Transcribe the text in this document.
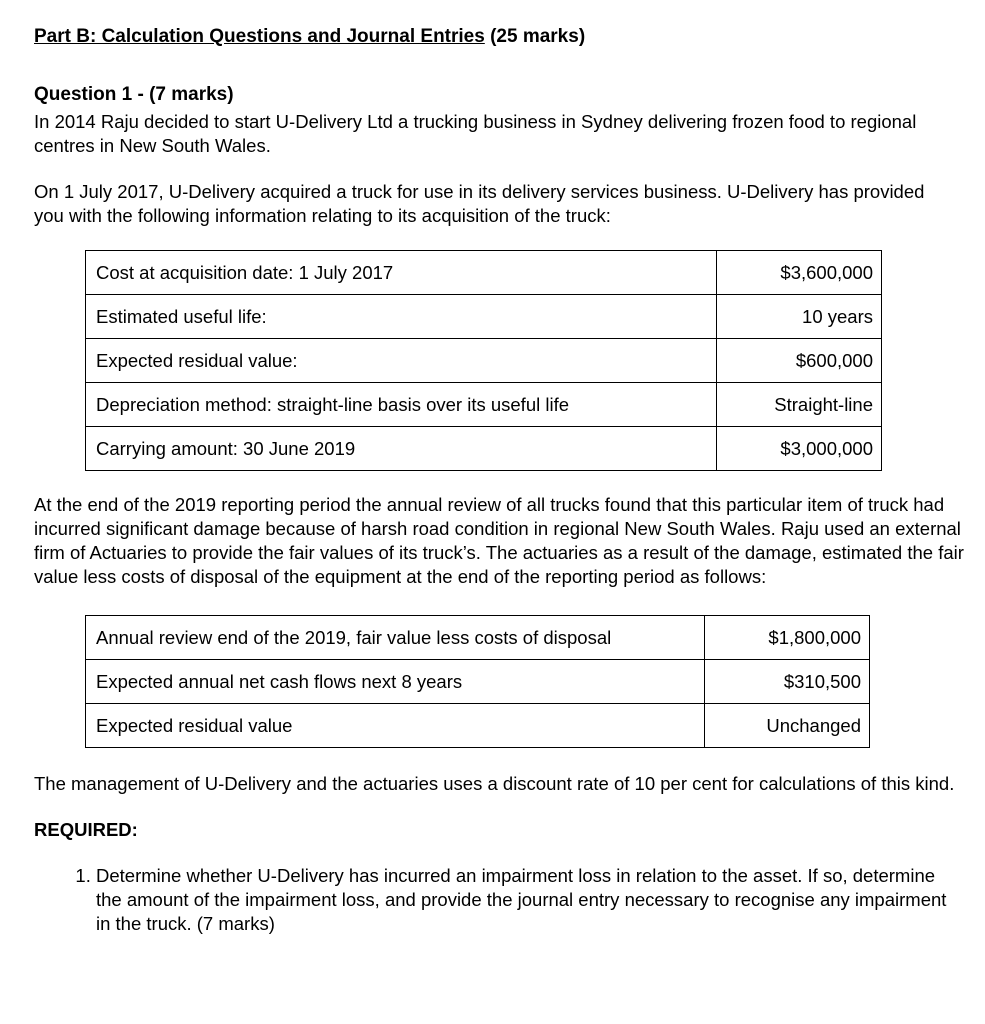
Part B: Calculation Questions and Journal Entries (25 marks)
Question 1 - (7 marks)

In 2014 Raju decided to start U-Delivery Ltd a trucking business in Sydney delivering frozen food to regional centres in New South Wales.

On 1 July 2017, U-Delivery acquired a truck for use in its delivery services business. U-Delivery has provided you with the following information relating to its acquisition of the truck:

Cost at acquisition date: 1 July 2017	$3,600,000
Estimated useful life:	10 years
Expected residual value:	$600,000
Depreciation method: straight-line basis over its useful life	Straight-line
Carrying amount: 30 June 2019	$3,000,000

At the end of the 2019 reporting period the annual review of all trucks found that this particular item of truck had incurred significant damage because of harsh road condition in regional New South Wales. Raju used an external firm of Actuaries to provide the fair values of its truck’s. The actuaries as a result of the damage, estimated the fair value less costs of disposal of the equipment at the end of the reporting period as follows:

Annual review end of the 2019, fair value less costs of disposal	$1,800,000
Expected annual net cash flows next 8 years	$310,500
Expected residual value	Unchanged

The management of U-Delivery and the actuaries uses a discount rate of 10 per cent for calculations of this kind.

REQUIRED:

1. Determine whether U-Delivery has incurred an impairment loss in relation to the asset. If so, determine the amount of the impairment loss, and provide the journal entry necessary to recognise any impairment in the truck. (7 marks)
